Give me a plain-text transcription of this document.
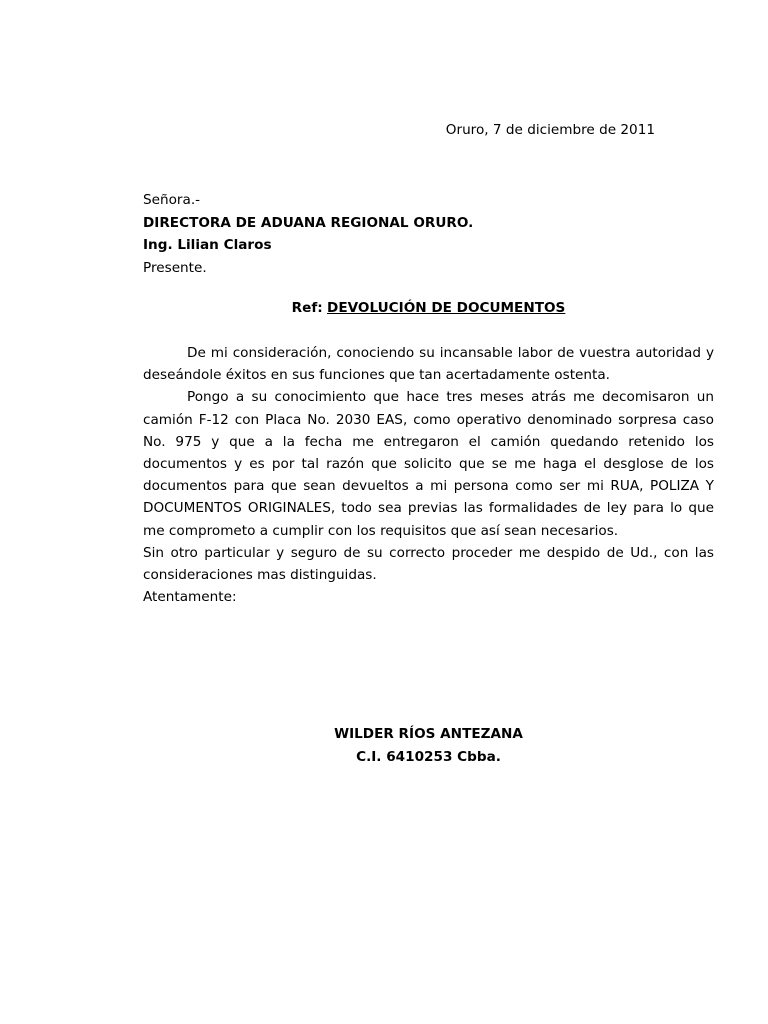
Oruro, 7 de diciembre de 2011
Señora.-
DIRECTORA DE ADUANA REGIONAL ORURO.
Ing. Lilian Claros
Presente.
Ref: DEVOLUCIÓN DE DOCUMENTOS

De mi consideración, conociendo su incansable labor de vuestra autoridad y deseándole éxitos en sus funciones que tan acertadamente ostenta.

Pongo a su conocimiento que hace tres meses atrás me decomisaron un camión F-12 con Placa No. 2030 EAS, como operativo denominado sorpresa caso No. 975 y que a la fecha me entregaron el camión quedando retenido los documentos y es por tal razón que solicito que se me haga el desglose de los documentos para que sean devueltos a mi persona como ser mi RUA, POLIZA Y DOCUMENTOS ORIGINALES, todo sea previas las formalidades de ley para lo que me comprometo a cumplir con los requisitos que así sean necesarios.

Sin otro particular y seguro de su correcto proceder me despido de Ud., con las consideraciones mas distinguidas.

Atentamente:

WILDER RÍOS ANTEZANA
C.I. 6410253 Cbba.
